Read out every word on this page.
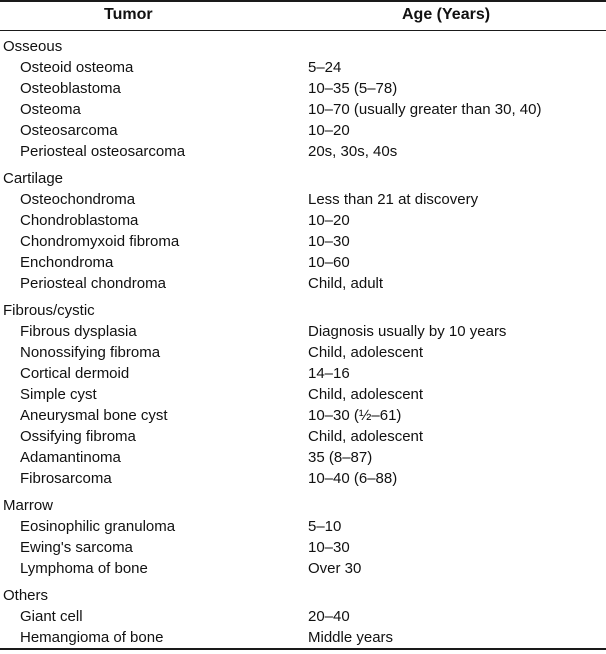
Tumor	Age (Years)
Osseous
Osteoid osteoma	5–24
Osteoblastoma	10–35 (5–78)
Osteoma	10–70 (usually greater than 30, 40)
Osteosarcoma	10–20
Periosteal osteosarcoma	20s, 30s, 40s
Cartilage
Osteochondroma	Less than 21 at discovery
Chondroblastoma	10–20
Chondromyxoid fibroma	10–30
Enchondroma	10–60
Periosteal chondroma	Child, adult
Fibrous/cystic
Fibrous dysplasia	Diagnosis usually by 10 years
Nonossifying fibroma	Child, adolescent
Cortical dermoid	14–16
Simple cyst	Child, adolescent
Aneurysmal bone cyst	10–30 (½–61)
Ossifying fibroma	Child, adolescent
Adamantinoma	35 (8–87)
Fibrosarcoma	10–40 (6–88)
Marrow
Eosinophilic granuloma	5–10
Ewing's sarcoma	10–30
Lymphoma of bone	Over 30
Others
Giant cell	20–40
Hemangioma of bone	Middle years
